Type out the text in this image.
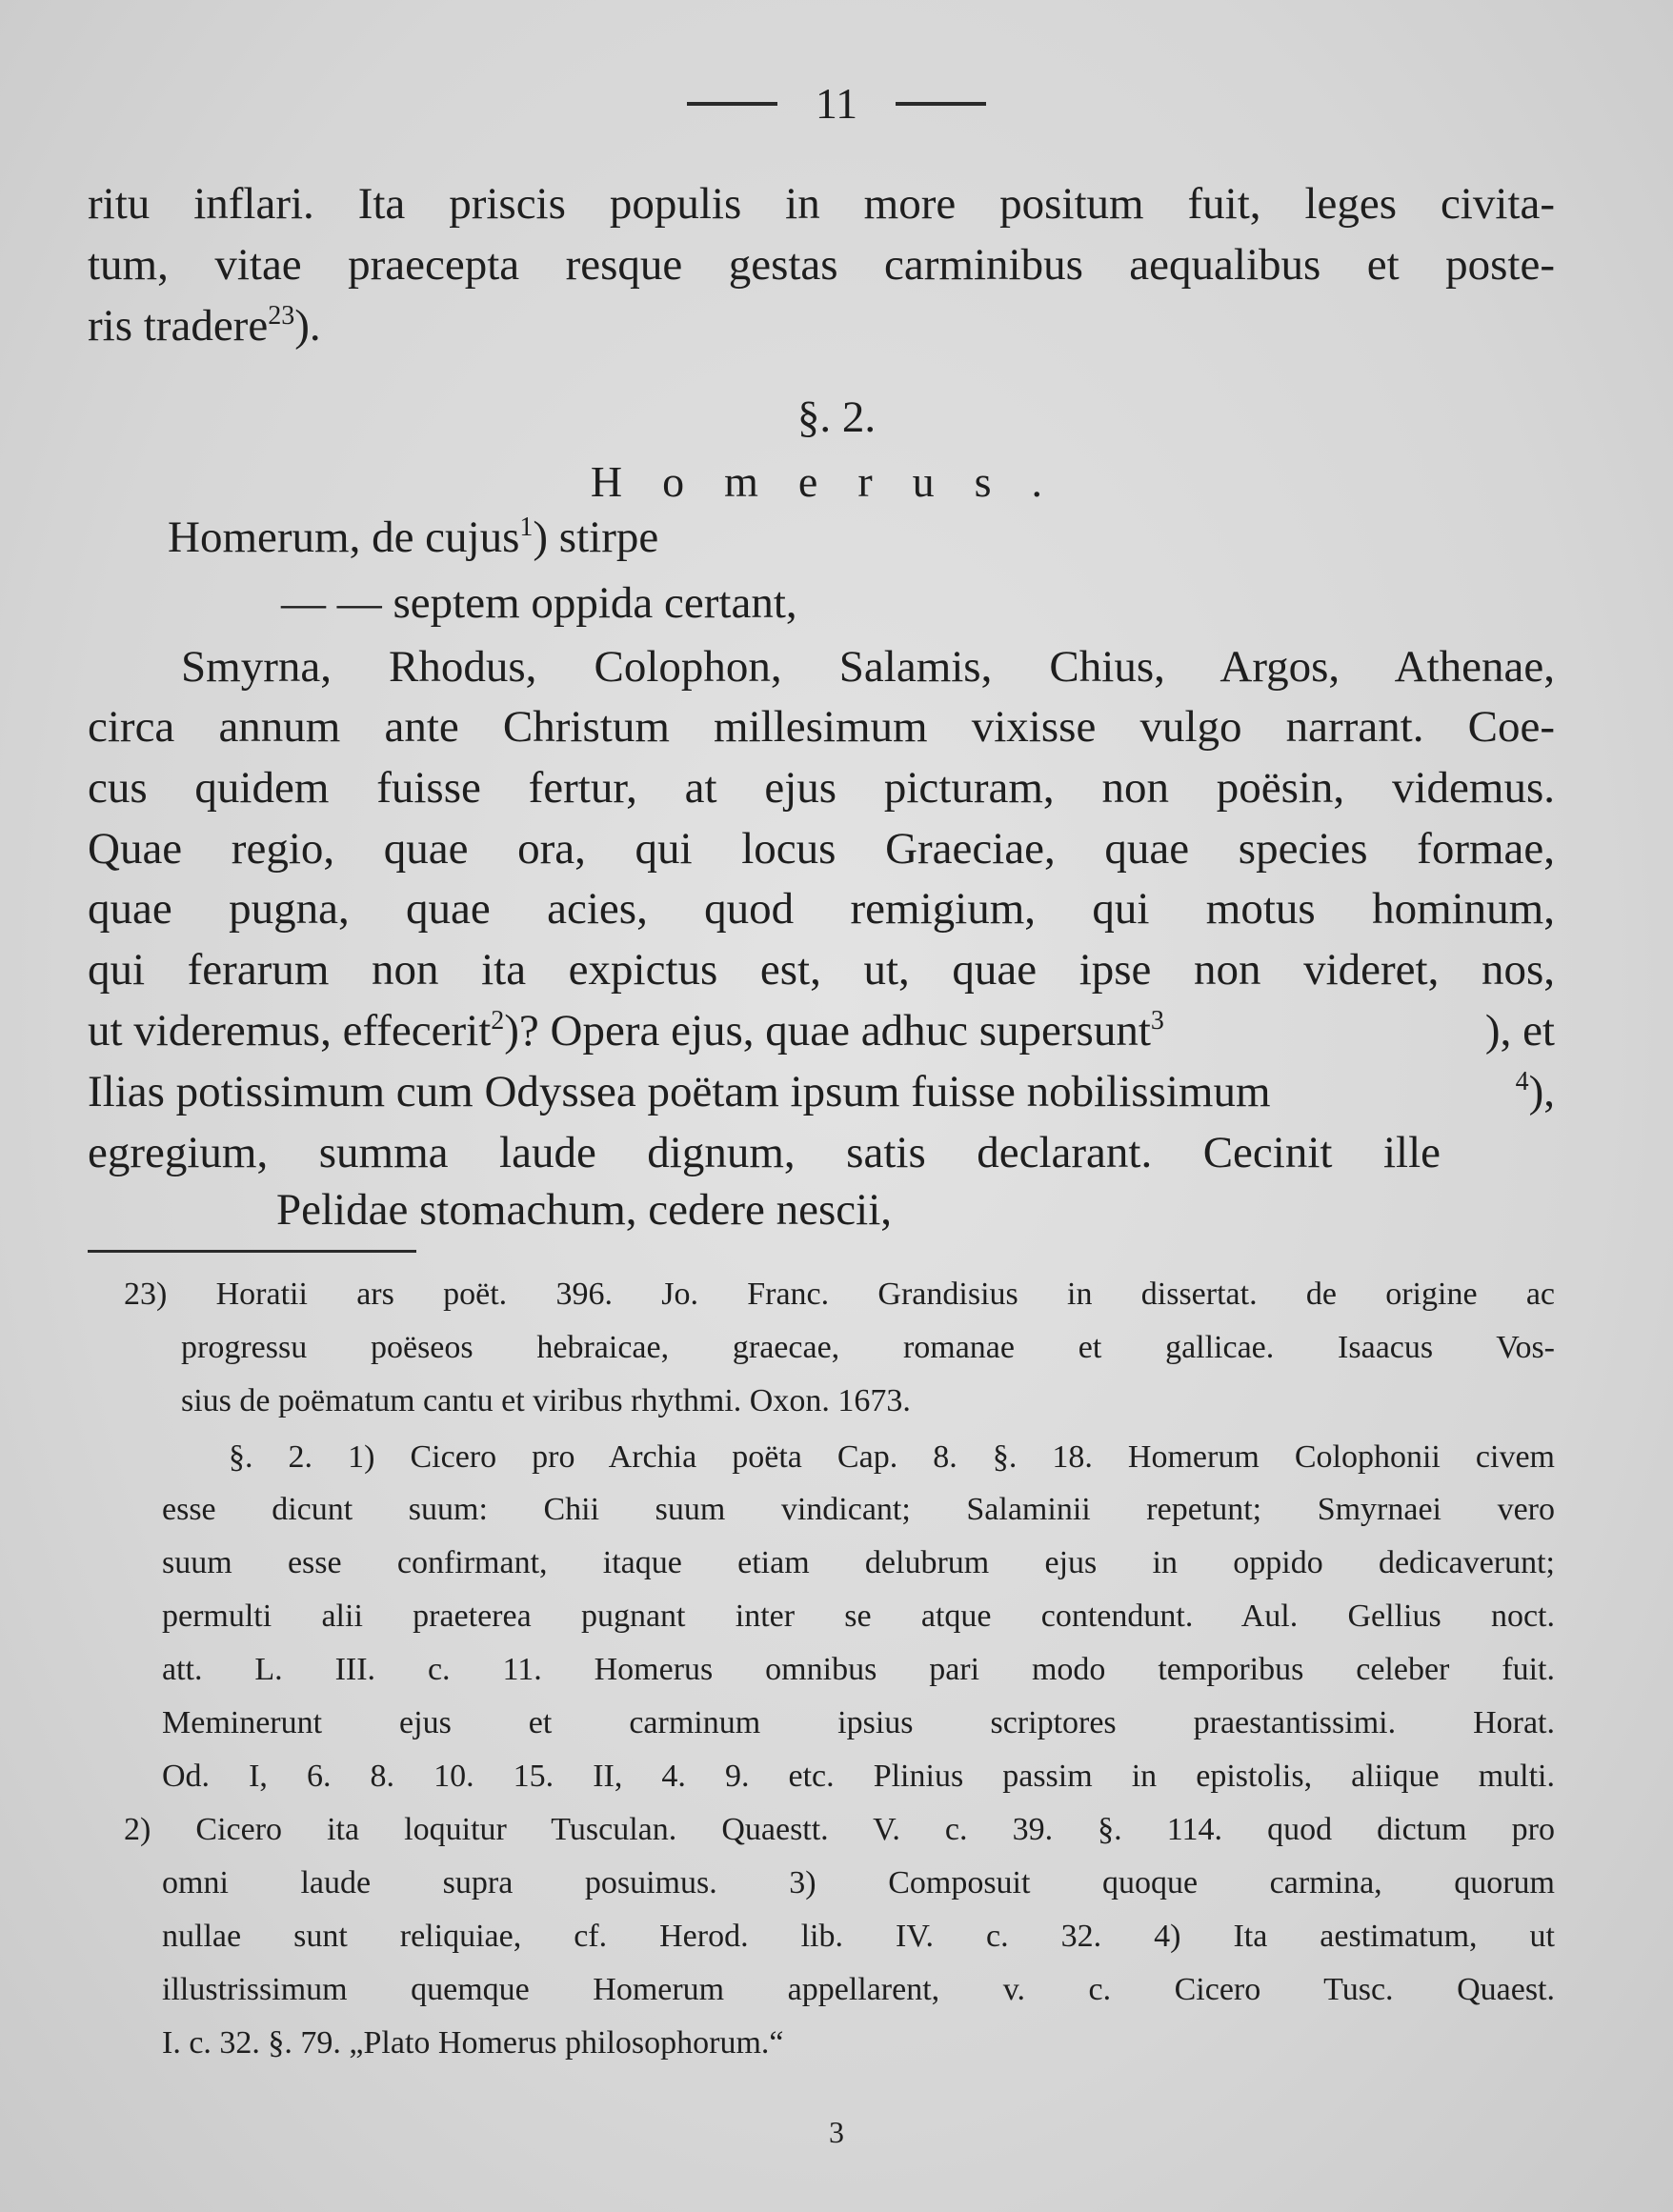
11
ritu inflari. Ita priscis populis in more positum fuit, leges civita-
tum, vitae praecepta resque gestas carminibus aequalibus et poste-
ris tradere$^{23}$).
§. 2.
Homerus.
Homerum, de cujus$^1$) stirpe
— — septem oppida certant,
Smyrna, Rhodus, Colophon, Salamis, Chius, Argos, Athenae,
circa annum ante Christum millesimum vixisse vulgo narrant. Coe-
cus quidem fuisse fertur, at ejus picturam, non poësin, videmus.
Quae regio, quae ora, qui locus Graeciae, quae species formae,
quae pugna, quae acies, quod remigium, qui motus hominum,
qui ferarum non ita expictus est, ut, quae ipse non videret, nos,
ut videremus, effecerit$^2$)? Opera ejus, quae adhuc supersunt$^3$	), et
Ilias potissimum cum Odyssea poëtam ipsum fuisse nobilissimum	$^4$),
egregium, summa laude dignum, satis declarant. Cecinit ille
Pelidae stomachum, cedere nescii,
23) Horatii ars poët. 396. Jo. Franc. Grandisius in dissertat. de origine ac
progressu poëseos hebraicae, graecae, romanae et gallicae. Isaacus Vos-
sius de poëmatum cantu et viribus rhythmi. Oxon. 1673.
§. 2. 1) Cicero pro Archia poëta Cap. 8. §. 18. Homerum Colophonii civem
esse dicunt suum: Chii suum vindicant; Salaminii repetunt; Smyrnaei vero
suum esse confirmant, itaque etiam delubrum ejus in oppido dedicaverunt;
permulti alii praeterea pugnant inter se atque contendunt. Aul. Gellius noct.
att. L. III. c. 11. Homerus omnibus pari modo temporibus celeber fuit.
Meminerunt ejus et carminum ipsius scriptores praestantissimi. Horat.
Od. I, 6. 8. 10. 15. II, 4. 9. etc. Plinius passim in epistolis, aliique multi.
2) Cicero ita loquitur Tusculan. Quaestt. V. c. 39. §. 114. quod dictum pro
omni laude supra posuimus. 3) Composuit quoque carmina, quorum
nullae sunt reliquiae, cf. Herod. lib. IV. c. 32. 4) Ita aestimatum, ut
illustrissimum quemque Homerum appellarent, v. c. Cicero Tusc. Quaest.
I. c. 32. §. 79. „Plato Homerus philosophorum.“
3
